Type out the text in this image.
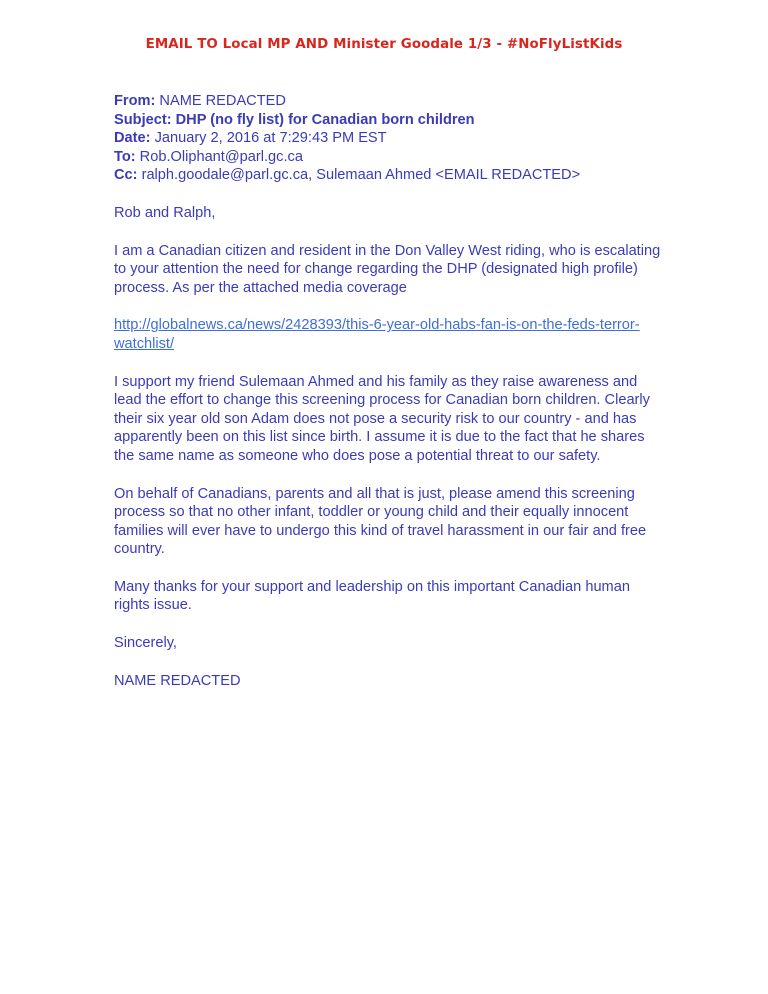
EMAIL TO Local MP AND Minister Goodale 1/3 - #NoFlyListKids
From: NAME REDACTED
Subject: DHP (no fly list) for Canadian born children
Date: January 2, 2016 at 7:29:43 PM EST
To: Rob.Oliphant@parl.gc.ca
Cc: ralph.goodale@parl.gc.ca, Sulemaan Ahmed <EMAIL REDACTED>

Rob and Ralph,

I am a Canadian citizen and resident in the Don Valley West riding, who is escalating to your attention the need for change regarding the DHP (designated high profile) process. As per the attached media coverage

http://globalnews.ca/news/2428393/this-6-year-old-habs-fan-is-on-the-feds-terror-watchlist/

I support my friend Sulemaan Ahmed and his family as they raise awareness and lead the effort to change this screening process for Canadian born children. Clearly their six year old son Adam does not pose a security risk to our country - and has apparently been on this list since birth. I assume it is due to the fact that he shares the same name as someone who does pose a potential threat to our safety.

On behalf of Canadians, parents and all that is just, please amend this screening process so that no other infant, toddler or young child and their equally innocent families will ever have to undergo this kind of travel harassment in our fair and free country.

Many thanks for your support and leadership on this important Canadian human rights issue.

Sincerely,

NAME REDACTED
